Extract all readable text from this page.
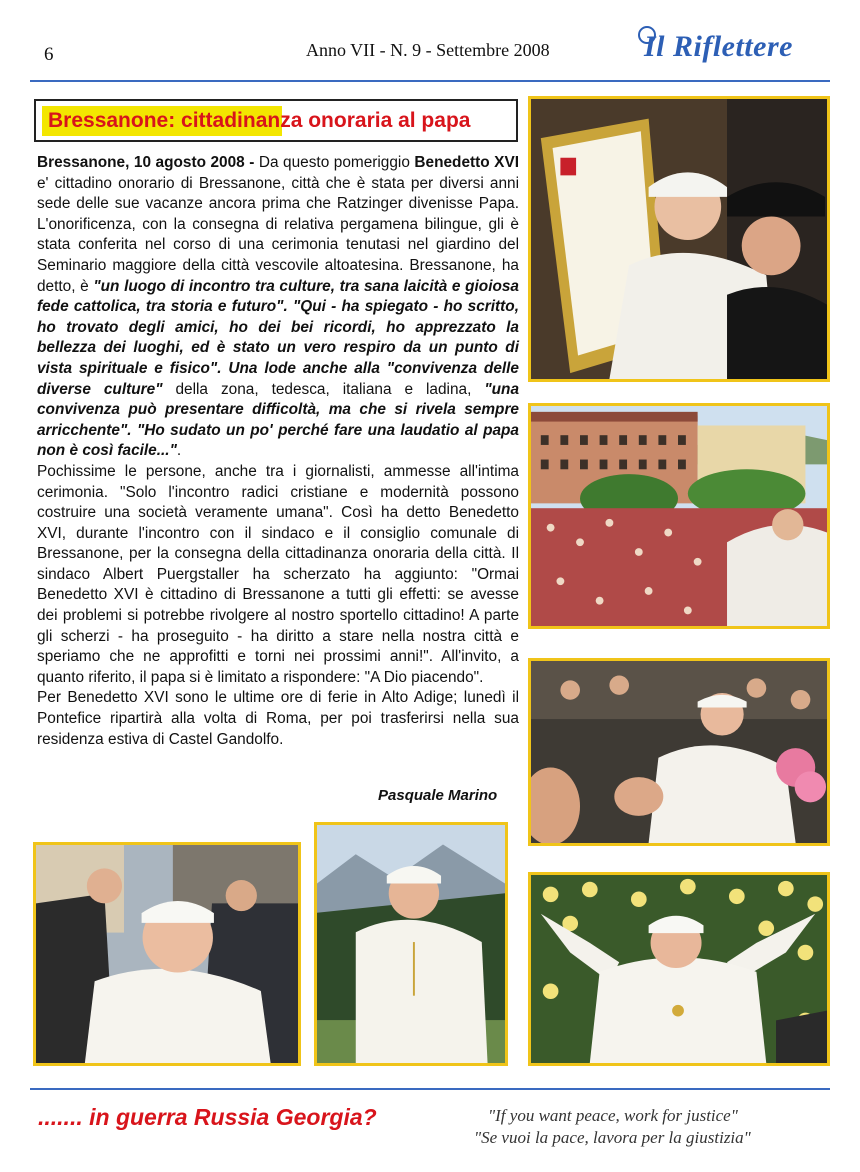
6	Anno VII - N. 9 - Settembre 2008	Il Riflettere
Bressanone: cittadinanza onoraria al papa

Bressanone, 10 agosto 2008 - Da questo pomeriggio Benedetto XVI e' cittadino onorario di Bressanone, città che è stata per diversi anni sede delle sue vacanze ancora prima che Ratzinger divenisse Papa. L'onorificenza, con la consegna di relativa pergamena bilingue, gli è stata conferita nel corso di una cerimonia tenutasi nel giardino del Seminario maggiore della città vescovile altoatesina. Bressanone, ha detto, è "un luogo di incontro tra culture, tra sana laicità e gioiosa fede cattolica, tra storia e futuro". "Qui - ha spiegato - ho scritto, ho trovato degli amici, ho dei bei ricordi, ho apprezzato la bellezza dei luoghi, ed è stato un vero respiro da un punto di vista spirituale e fisico". Una lode anche alla "convivenza delle diverse culture" della zona, tedesca, italiana e ladina, "una convivenza può presentare difficoltà, ma che si rivela sempre arricchente". "Ho sudato un po' perché fare una laudatio al papa non è così facile...".

Pochissime le persone, anche tra i giornalisti, ammesse all'intima cerimonia. "Solo l'incontro radici cristiane e modernità possono costruire una società veramente umana". Così ha detto Benedetto XVI, durante l'incontro con il sindaco e il consiglio comunale di Bressanone, per la consegna della cittadinanza onoraria della città. Il sindaco Albert Puergstaller ha scherzato ha aggiunto: "Ormai Benedetto XVI è cittadino di Bressanone a tutti gli effetti: se avesse dei problemi si potrebbe rivolgere al nostro sportello cittadino! A parte gli scherzi - ha proseguito - ha diritto a stare nella nostra città e speriamo che ne approfitti e torni nei prossimi anni!". All'invito, a quanto riferito, il papa si è limitato a rispondere: "A Dio piacendo".

Per Benedetto XVI sono le ultime ore di ferie in Alto Adige; lunedì il Pontefice ripartirà alla volta di Roma, per poi trasferirsi nella sua residenza estiva di Castel Gandolfo.

Pasquale Marino
....... in guerra Russia Georgia?	"If you want peace, work for justice"
"Se vuoi la pace, lavora per la giustizia"
